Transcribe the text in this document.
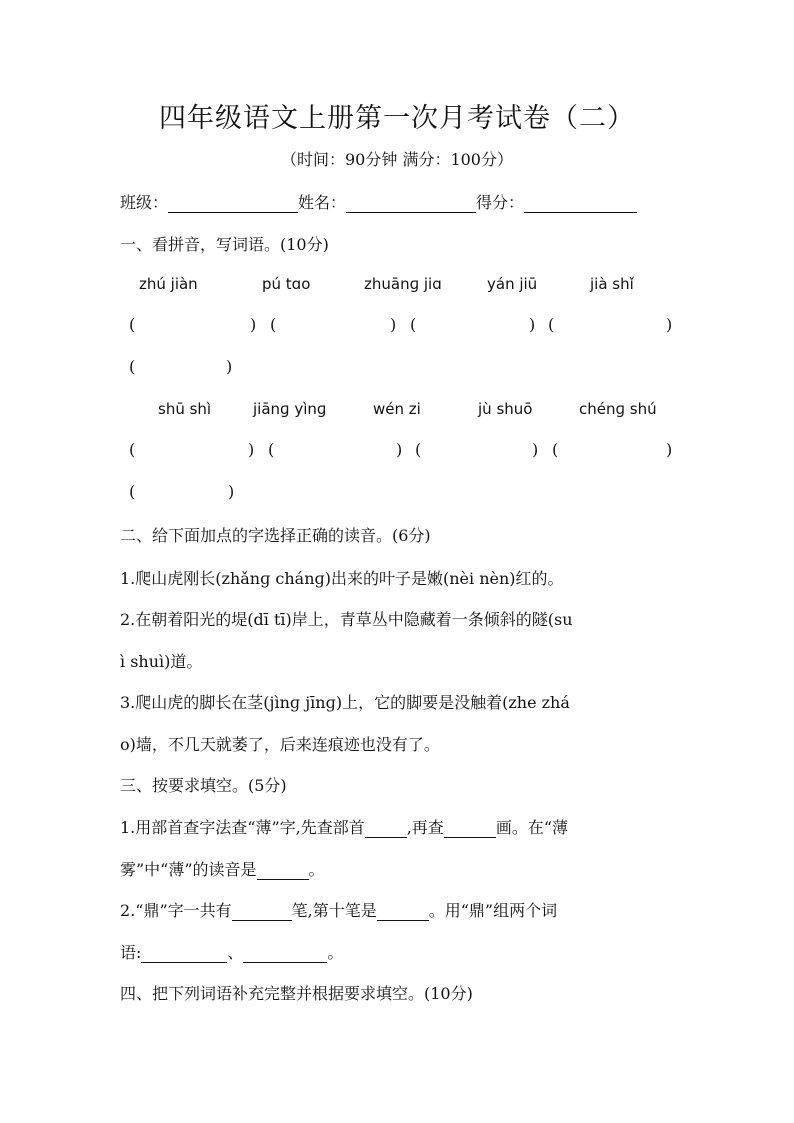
四年级语文上册第一次月考试卷（二）
（时间：90分钟 满分：100分）
班级：	姓名：	得分：
一、看拼音，写词语。(10分)
zhú jiàn	pú tɑo	zhuānɡ jiɑ	yán jiū	jià shǐ
(	) (	) (	) (	)
(	)
shū shì	jiānɡ yìnɡ	wén zi	jù shuō	chénɡ shú
(	) (	) (	) (	)
(	)
二、给下面加点的字选择正确的读音。(6分)
1.爬山虎刚长(zhǎnɡ chánɡ)出来的叶子是嫩(nèi nèn)红的。
2.在朝着阳光的堤(dī tī)岸上，青草丛中隐藏着一条倾斜的隧(su
ì shuì)道。
3.爬山虎的脚长在茎(jìnɡ jīnɡ)上，它的脚要是没触着(zhe zhá
o)墙，不几天就萎了，后来连痕迹也没有了。
三、按要求填空。(5分)
1.用部首查字法查“薄”字,先查部首	,再查	画。在“薄
雾”中“薄”的读音是	。
2.“鼎”字一共有	笔,第十笔是	。用“鼎”组两个词
语:	、	。
四、把下列词语补充完整并根据要求填空。(10分)
